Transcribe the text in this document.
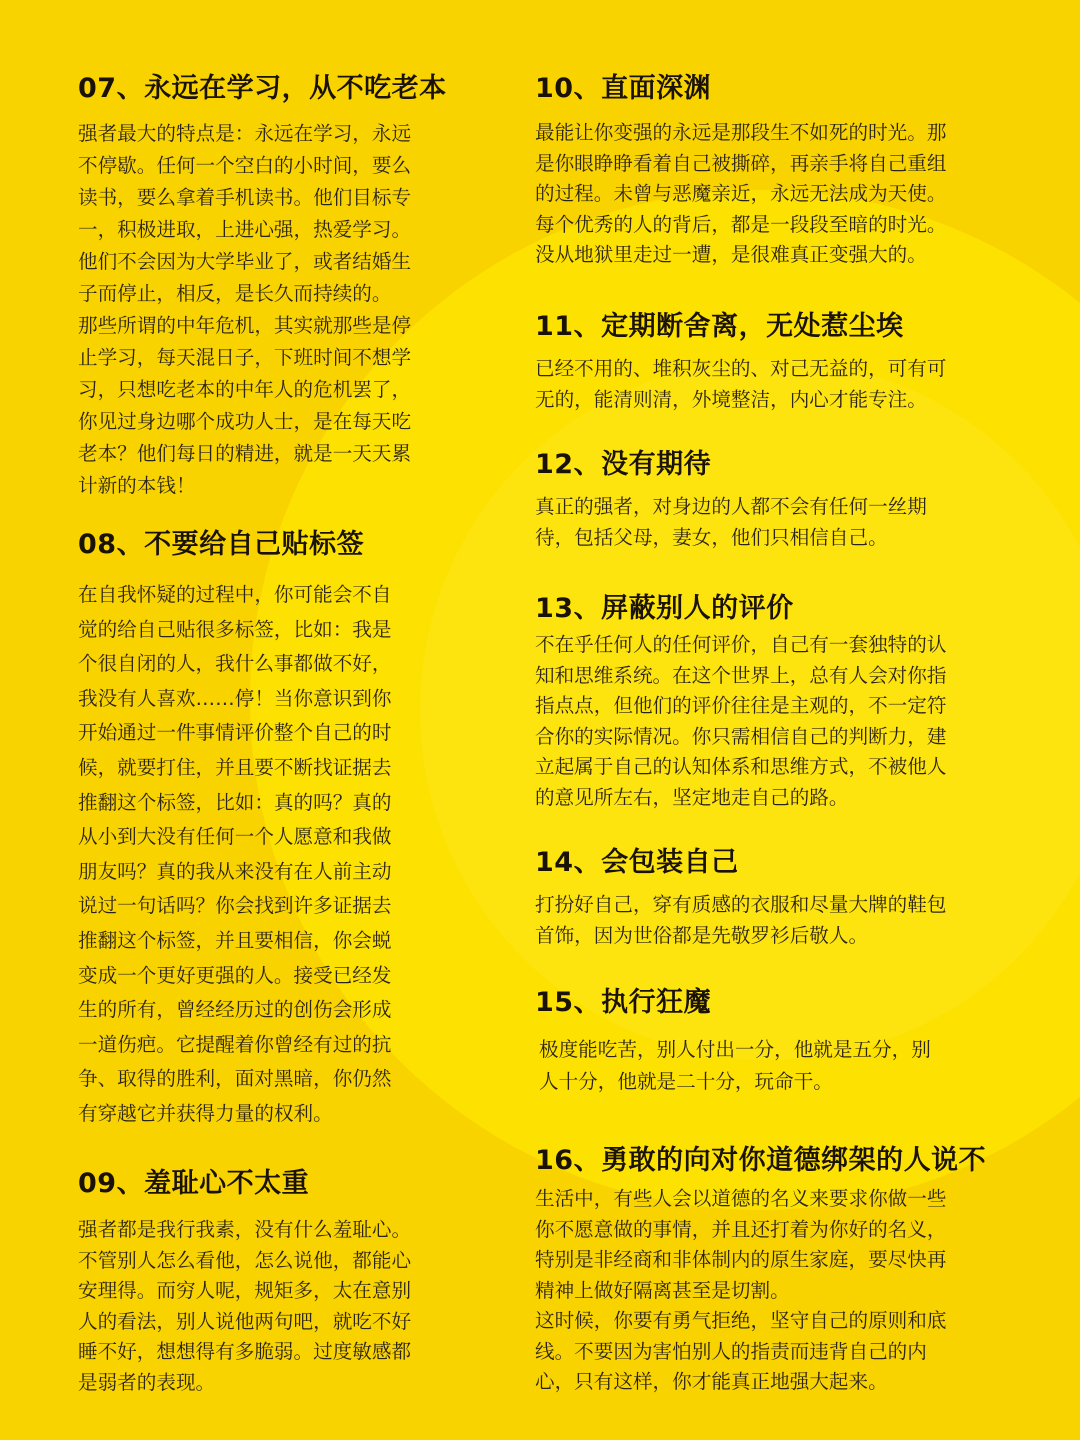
07、永远在学习，从不吃老本

强者最大的特点是：永远在学习，永远
不停歇。任何一个空白的小时间，要么
读书，要么拿着手机读书。他们目标专
一，积极进取，上进心强，热爱学习。
他们不会因为大学毕业了，或者结婚生
子而停止，相反，是长久而持续的。

那些所谓的中年危机，其实就那些是停
止学习，每天混日子，下班时间不想学
习，只想吃老本的中年人的危机罢了，
你见过身边哪个成功人士，是在每天吃
老本？他们每日的精进，就是一天天累
计新的本钱！

08、不要给自己贴标签

在自我怀疑的过程中，你可能会不自
觉的给自己贴很多标签，比如：我是
个很自闭的人，我什么事都做不好，
我没有人喜欢……停！当你意识到你
开始通过一件事情评价整个自己的时
候，就要打住，并且要不断找证据去
推翻这个标签，比如：真的吗？真的
从小到大没有任何一个人愿意和我做
朋友吗？真的我从来没有在人前主动
说过一句话吗？你会找到许多证据去
推翻这个标签，并且要相信，你会蜕
变成一个更好更强的人。接受已经发
生的所有，曾经经历过的创伤会形成
一道伤疤。它提醒着你曾经有过的抗
争、取得的胜利，面对黑暗，你仍然
有穿越它并获得力量的权利。

09、羞耻心不太重

强者都是我行我素，没有什么羞耻心。
不管别人怎么看他，怎么说他，都能心
安理得。而穷人呢，规矩多，太在意别
人的看法，别人说他两句吧，就吃不好
睡不好，想想得有多脆弱。过度敏感都
是弱者的表现。

10、直面深渊

最能让你变强的永远是那段生不如死的时光。那
是你眼睁睁看着自己被撕碎，再亲手将自己重组
的过程。未曾与恶魔亲近，永远无法成为天使。

每个优秀的人的背后，都是一段段至暗的时光。
没从地狱里走过一遭，是很难真正变强大的。

11、定期断舍离，无处惹尘埃

已经不用的、堆积灰尘的、对己无益的，可有可
无的，能清则清，外境整洁，内心才能专注。

12、没有期待

真正的强者，对身边的人都不会有任何一丝期
待，包括父母，妻女，他们只相信自己。

13、屏蔽别人的评价

不在乎任何人的任何评价，自己有一套独特的认
知和思维系统。在这个世界上，总有人会对你指
指点点，但他们的评价往往是主观的，不一定符
合你的实际情况。你只需相信自己的判断力，建
立起属于自己的认知体系和思维方式，不被他人
的意见所左右，坚定地走自己的路。

14、会包装自己

打扮好自己，穿有质感的衣服和尽量大牌的鞋包
首饰，因为世俗都是先敬罗衫后敬人。

15、执行狂魔

极度能吃苦，别人付出一分，他就是五分，别
人十分，他就是二十分，玩命干。

16、勇敢的向对你道德绑架的人说不

生活中，有些人会以道德的名义来要求你做一些
你不愿意做的事情，并且还打着为你好的名义，
特别是非经商和非体制内的原生家庭，要尽快再
精神上做好隔离甚至是切割。

这时候，你要有勇气拒绝，坚守自己的原则和底
线。不要因为害怕别人的指责而违背自己的内
心，只有这样，你才能真正地强大起来。
